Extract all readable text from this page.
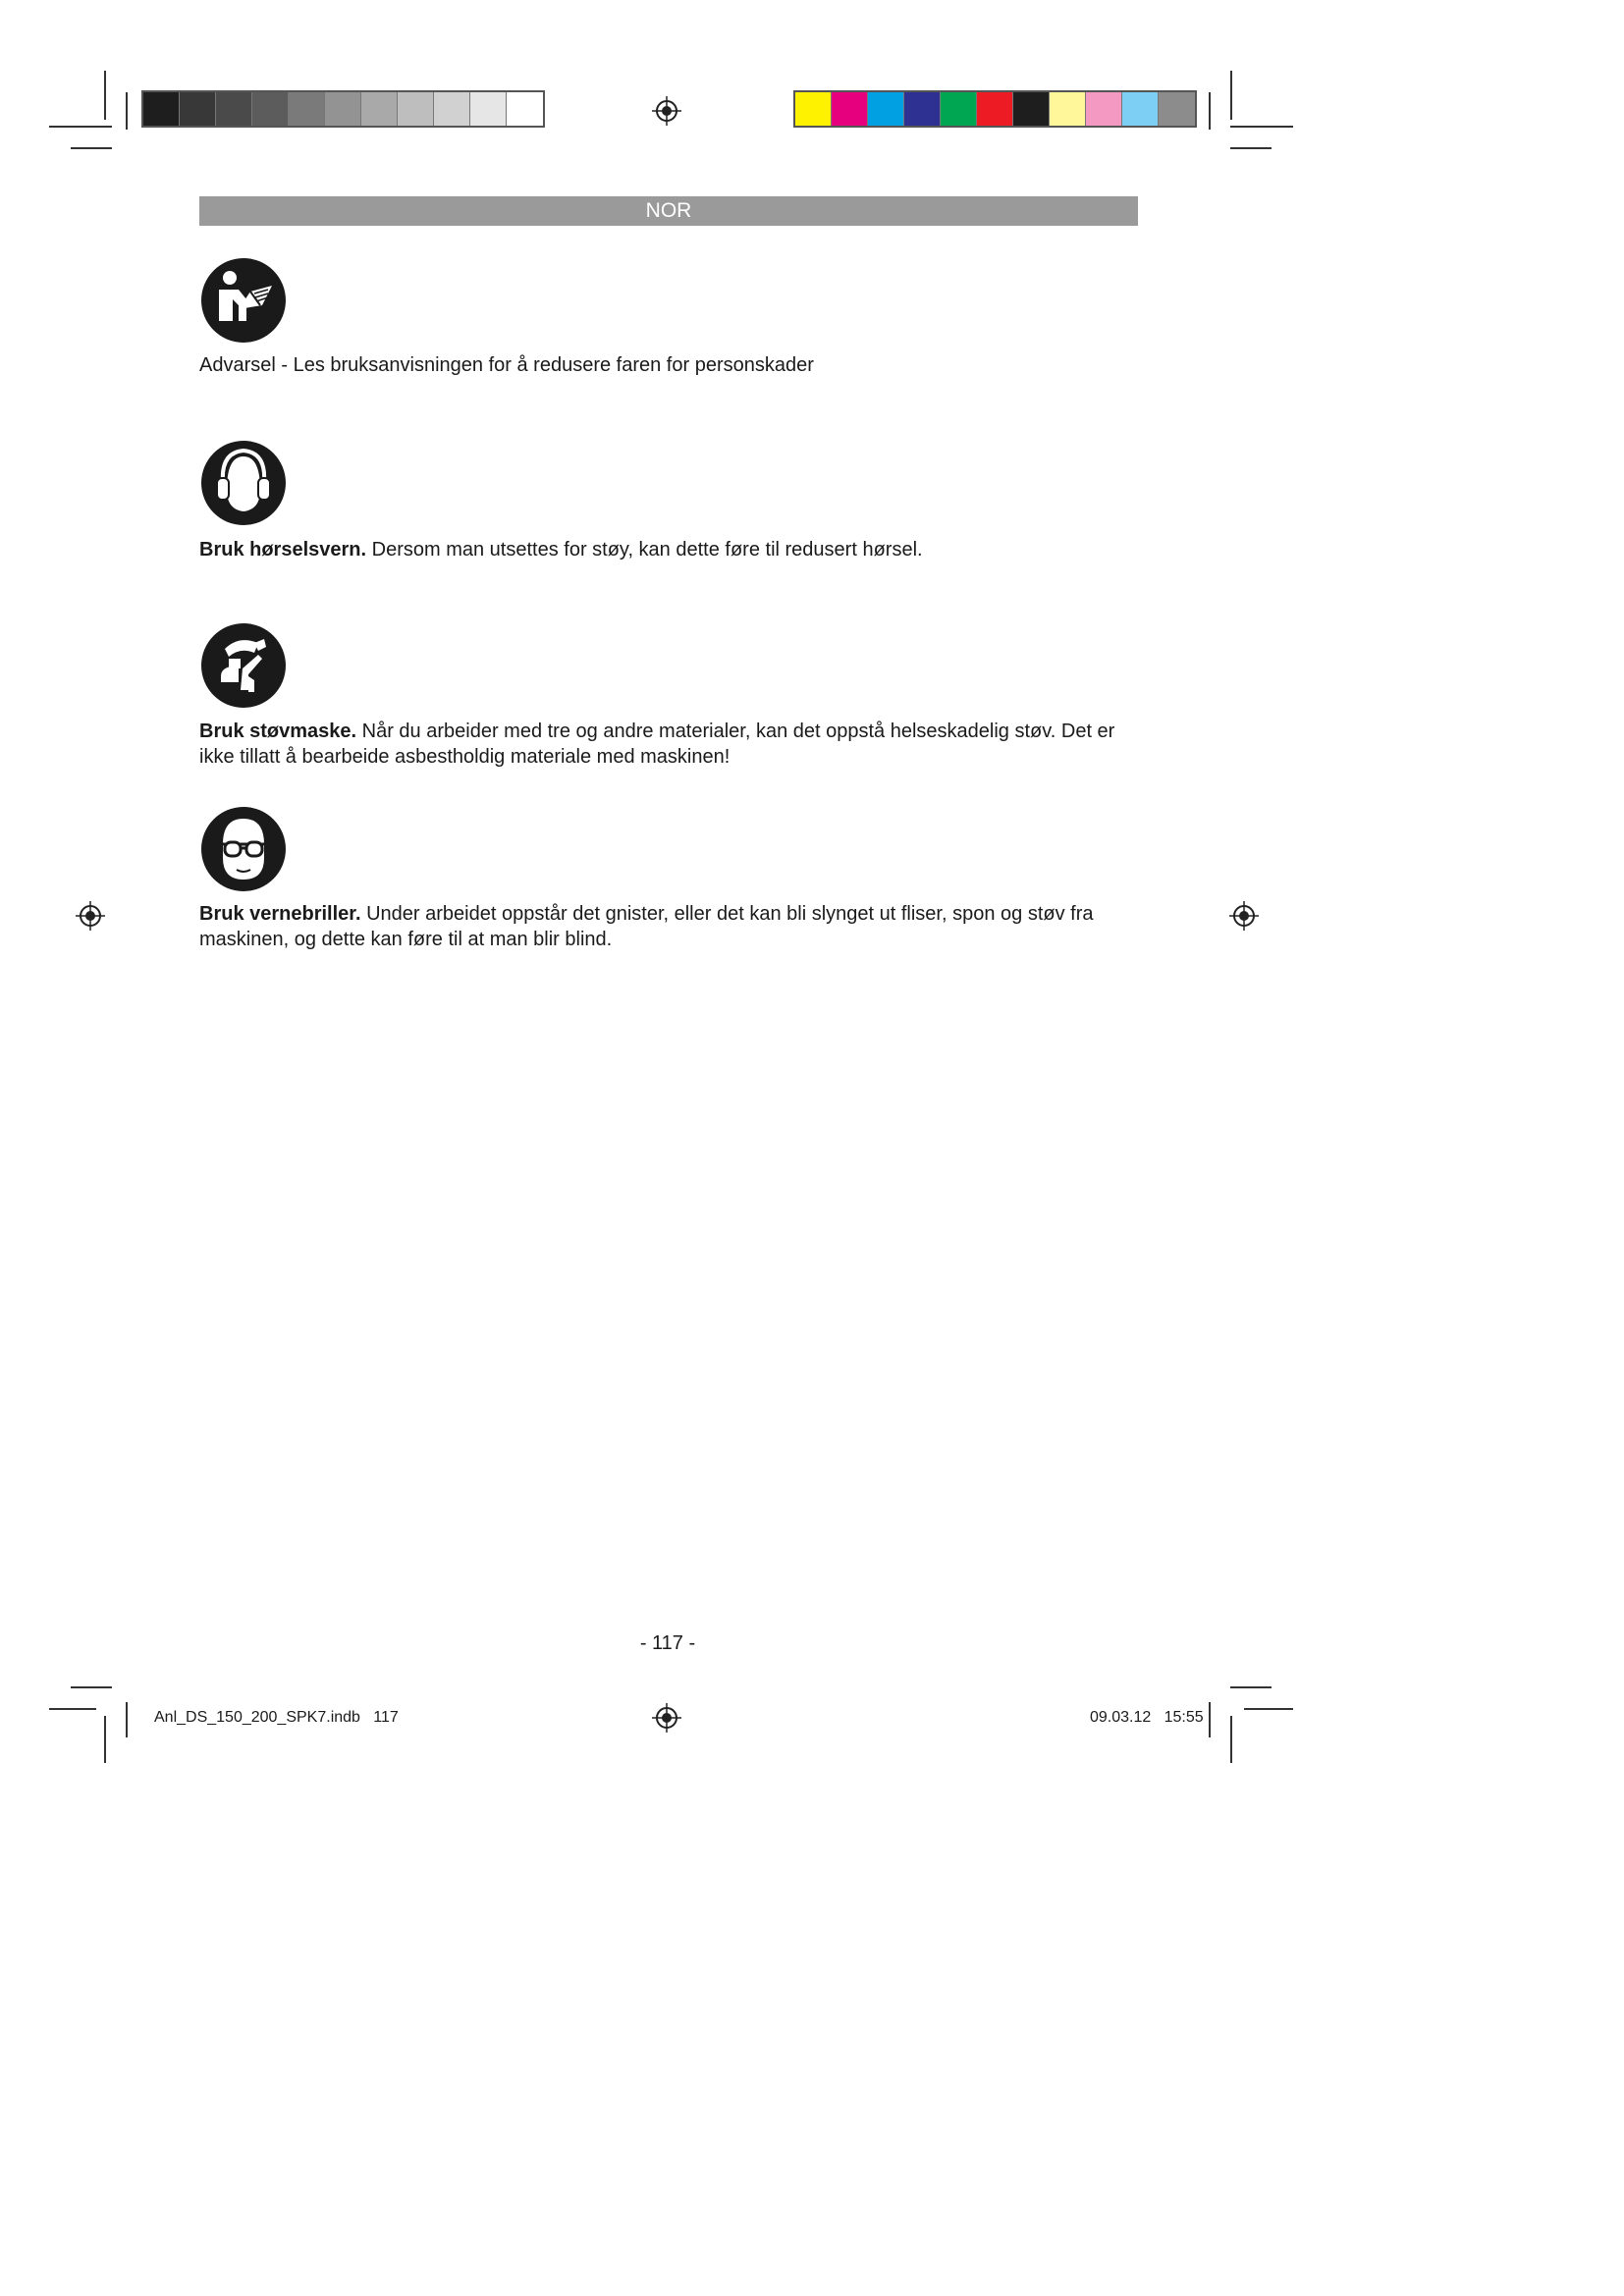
NOR
Advarsel - Les bruksanvisningen for å redusere faren for personskader
Bruk hørselsvern. Dersom man utsettes for støy, kan dette føre til redusert hørsel.
Bruk støvmaske. Når du arbeider med tre og andre materialer, kan det oppstå helseskadelig støv. Det er ikke tillatt å bearbeide asbestholdig materiale med maskinen!
Bruk vernebriller. Under arbeidet oppstår det gnister, eller det kan bli slynget ut fliser, spon og støv fra maskinen, og dette kan føre til at man blir blind.
- 117 -
Anl_DS_150_200_SPK7.indb   117	09.03.12   15:55
